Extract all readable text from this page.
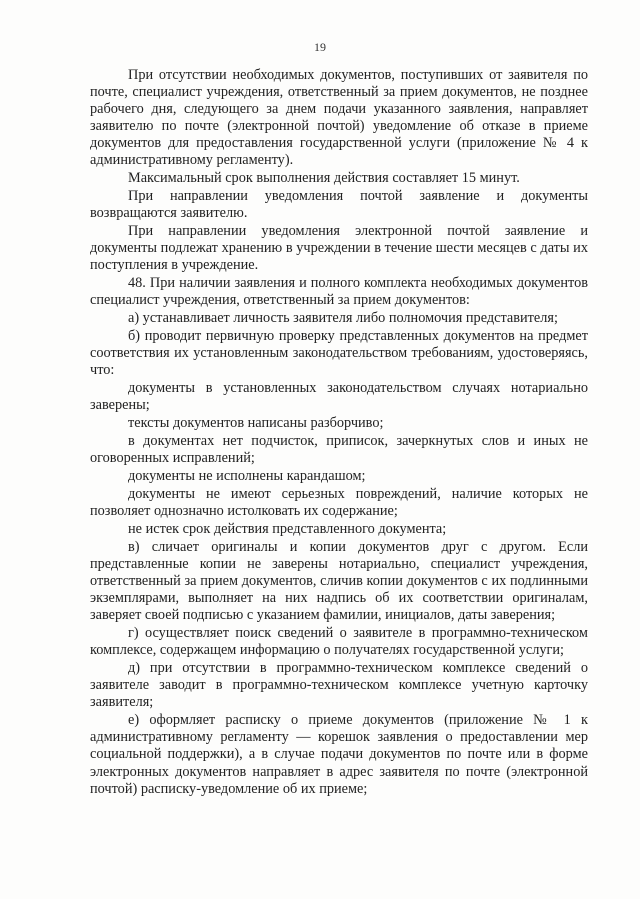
19

При отсутствии необходимых документов, поступивших от заявителя по почте, специалист учреждения, ответственный за прием документов, не позднее рабочего дня, следующего за днем подачи указанного заявления, направляет заявителю по почте (электронной почтой) уведомление об отказе в приеме документов для предоставления государственной услуги (приложение № 4 к административному регламенту).

Максимальный срок выполнения действия составляет 15 минут.

При направлении уведомления почтой заявление и документы возвращаются заявителю.

При направлении уведомления электронной почтой заявление и документы подлежат хранению в учреждении в течение шести месяцев с даты их поступления в учреждение.

48. При наличии заявления и полного комплекта необходимых документов специалист учреждения, ответственный за прием документов:

а) устанавливает личность заявителя либо полномочия представителя;

б) проводит первичную проверку представленных документов на предмет соответствия их установленным законодательством требованиям, удостоверяясь, что:

документы в установленных законодательством случаях нотариально заверены;

тексты документов написаны разборчиво;

в документах нет подчисток, приписок, зачеркнутых слов и иных не оговоренных исправлений;

документы не исполнены карандашом;

документы не имеют серьезных повреждений, наличие которых не позволяет однозначно истолковать их содержание;

не истек срок действия представленного документа;

в) сличает оригиналы и копии документов друг с другом. Если представленные копии не заверены нотариально, специалист учреждения, ответственный за прием документов, сличив копии документов с их подлинными экземплярами, выполняет на них надпись об их соответствии оригиналам, заверяет своей подписью с указанием фамилии, инициалов, даты заверения;

г) осуществляет поиск сведений о заявителе в программно-техническом комплексе, содержащем информацию о получателях государственной услуги;

д) при отсутствии в программно-техническом комплексе сведений о заявителе заводит в программно-техническом комплексе учетную карточку заявителя;

е) оформляет расписку о приеме документов (приложение № 1 к административному регламенту — корешок заявления о предоставлении мер социальной поддержки), а в случае подачи документов по почте или в форме электронных документов направляет в адрес заявителя по почте (электронной почтой) расписку-уведомление об их приеме;
